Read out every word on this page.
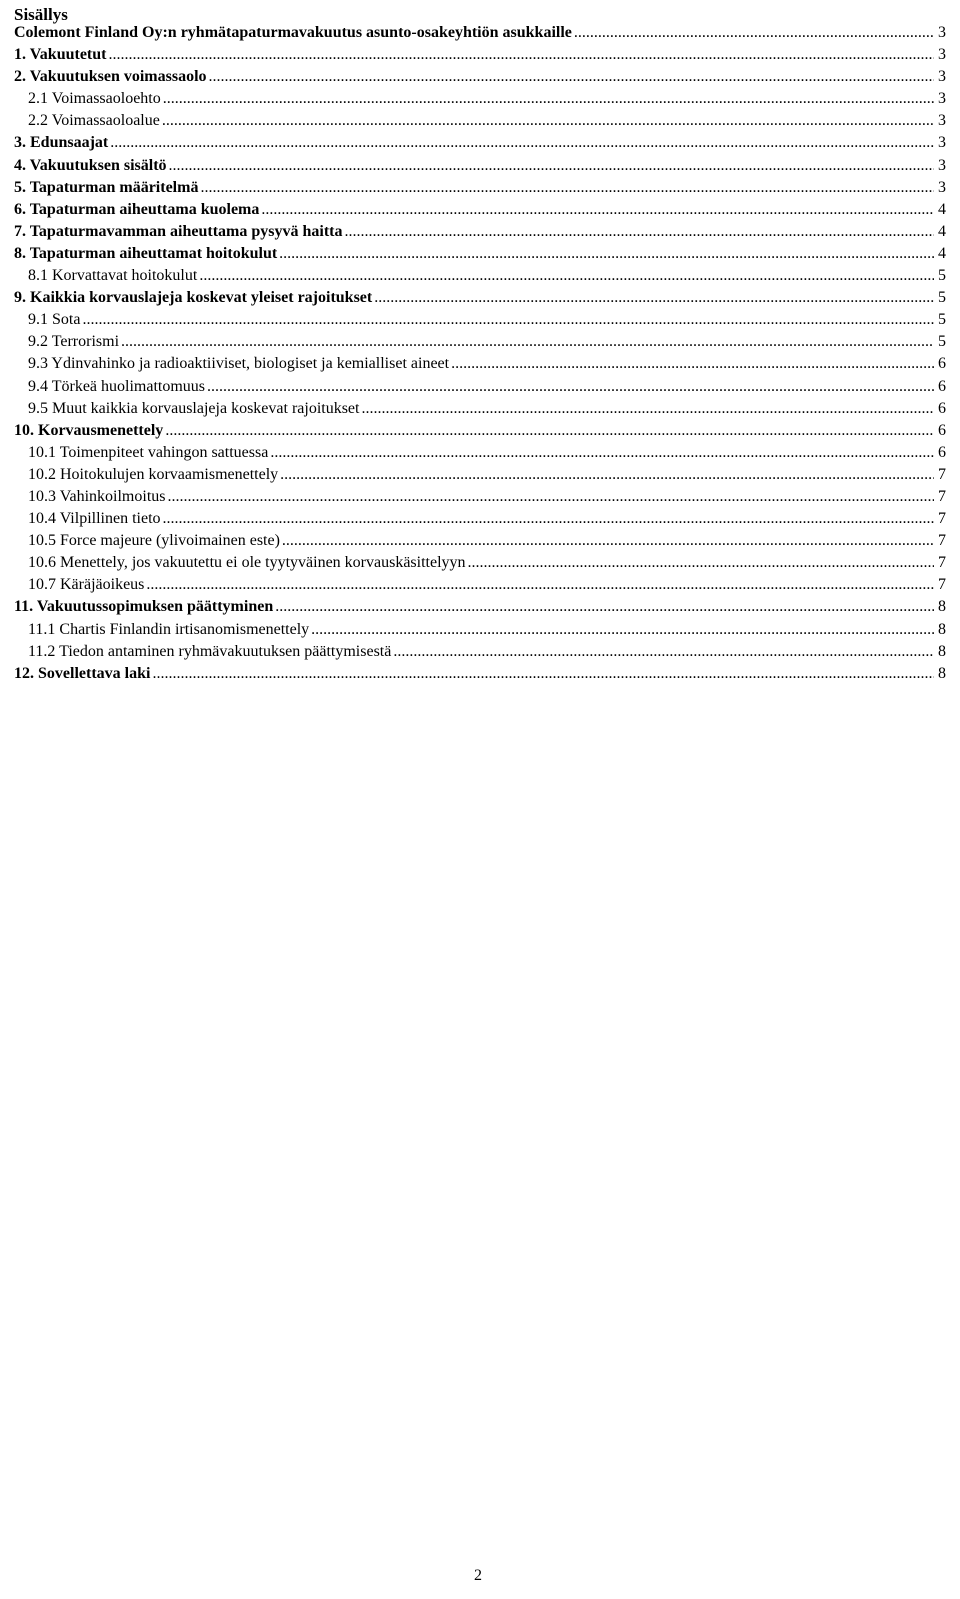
Sisällys
Colemont Finland Oy:n ryhmätapaturmavakuutus asunto-osakeyhtiön asukkaille .....	3
1. Vakuutetut .....	3
2. Vakuutuksen voimassaolo .....	3
2.1 Voimassaoloehto .....	3
2.2 Voimassaoloalue .....	3
3. Edunsaajat .....	3
4. Vakuutuksen sisältö .....	3
5. Tapaturman määritelmä .....	3
6. Tapaturman aiheuttama kuolema .....	4
7. Tapaturmavamman aiheuttama pysyvä haitta .....	4
8. Tapaturman aiheuttamat hoitokulut .....	4
8.1 Korvattavat hoitokulut .....	5
9. Kaikkia korvauslajeja koskevat yleiset rajoitukset .....	5
9.1 Sota .....	5
9.2 Terrorismi .....	5
9.3 Ydinvahinko ja radioaktiiviset, biologiset ja kemialliset aineet .....	6
9.4 Törkeä huolimattomuus .....	6
9.5 Muut kaikkia korvauslajeja koskevat rajoitukset .....	6
10. Korvausmenettely .....	6
10.1 Toimenpiteet vahingon sattuessa .....	6
10.2 Hoitokulujen korvaamismenettely .....	7
10.3 Vahinkoilmoitus .....	7
10.4 Vilpillinen tieto .....	7
10.5 Force majeure (ylivoimainen este) .....	7
10.6 Menettely, jos vakuutettu ei ole tyytyväinen korvauskäsittelyyn .....	7
10.7 Käräjäoikeus .....	7
11. Vakuutussopimuksen päättyminen .....	8
11.1 Chartis Finlandin irtisanomismenettely .....	8
11.2 Tiedon antaminen ryhmävakuutuksen päättymisestä .....	8
12. Sovellettava laki .....	8
2
